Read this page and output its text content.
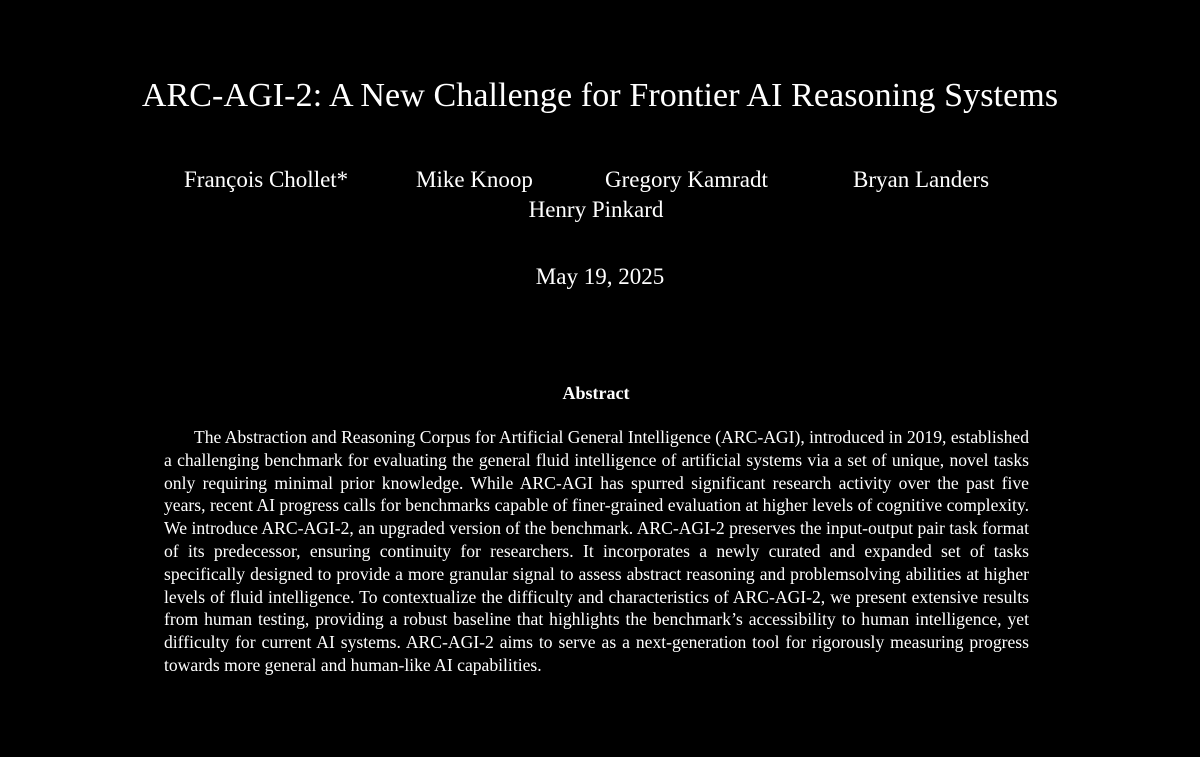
ARC-AGI-2: A New Challenge for Frontier AI Reasoning Systems
François Chollet*	Mike Knoop	Gregory Kamradt	Bryan Landers
Henry Pinkard
May 19, 2025
Abstract
The Abstraction and Reasoning Corpus for Artificial General Intelligence (ARC-AGI), introduced in 2019, established a challenging benchmark for evaluating the general fluid intelligence of artificial systems via a set of unique, novel tasks only requiring minimal prior knowledge. While ARC-AGI has spurred significant research activity over the past five years, recent AI progress calls for benchmarks capable of finer-grained evaluation at higher levels of cognitive complexity. We introduce ARC-AGI-2, an upgraded version of the benchmark. ARC-AGI-2 preserves the input-output pair task format of its predecessor, ensuring continuity for researchers. It incorporates a newly curated and expanded set of tasks specifically designed to provide a more granular signal to assess abstract reasoning and problemsolving abilities at higher levels of fluid intelligence. To contextualize the difficulty and characteristics of ARC-AGI-2, we present extensive results from human testing, providing a robust baseline that highlights the benchmark’s accessibility to human intelligence, yet difficulty for current AI systems. ARC-AGI-2 aims to serve as a next-generation tool for rigorously measuring progress towards more general and human-like AI capabilities.
